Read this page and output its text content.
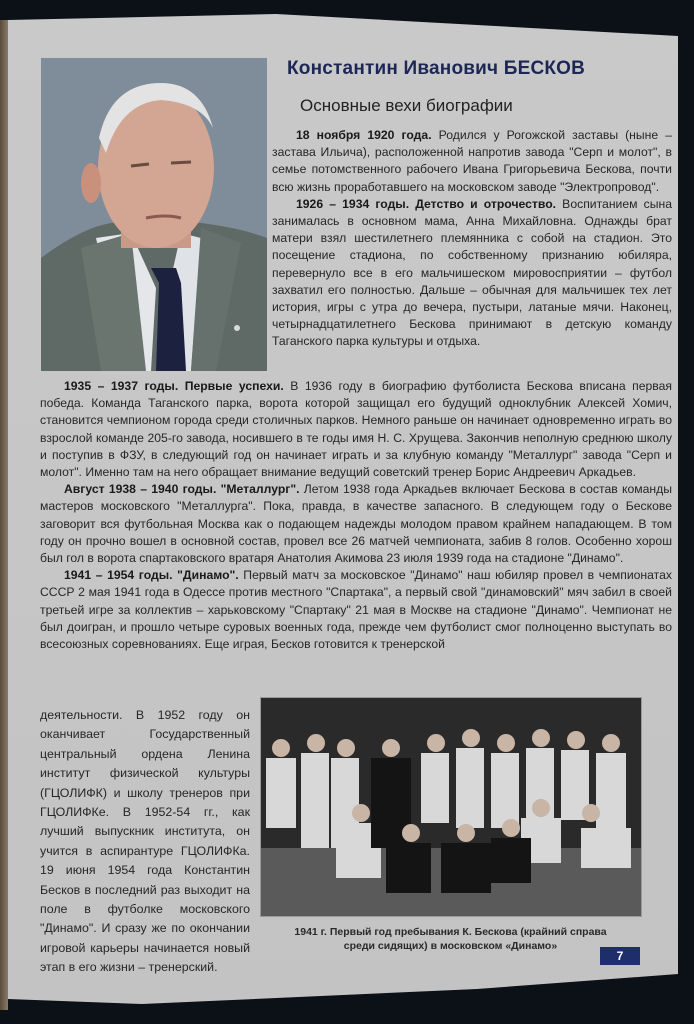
Константин Иванович БЕСКОВ
Основные вехи биографии

18 ноября 1920 года. Родился у Рогожской заставы (ныне – застава Ильича), расположенной напротив завода "Серп и молот", в семье потомственного рабочего Ивана Григорьевича Бескова, почти всю жизнь проработавшего на московском заводе "Электропровод".

1926 – 1934 годы. Детство и отрочество. Воспитанием сына занималась в основном мама, Анна Михайловна. Однажды брат матери взял шестилетнего племянника с собой на стадион. Это посещение стадиона, по собственному признанию юбиляра, перевернуло все в его мальчишеском мировосприятии – футбол захватил его полностью. Дальше – обычная для мальчишек тех лет история, игры с утра до вечера, пустыри, латаные мячи. Наконец, четырнадцатилетнего Бескова принимают в детскую команду Таганского парка культуры и отдыха.

1935 – 1937 годы. Первые успехи. В 1936 году в биографию футболиста Бескова вписана первая победа. Команда Таганского парка, ворота которой защищал его будущий одноклубник Алексей Хомич, становится чемпионом города среди столичных парков. Немного раньше он начинает одновременно играть во взрослой команде 205-го завода, носившего в те годы имя Н. С. Хрущева. Закончив неполную среднюю школу и поступив в ФЗУ, в следующий год он начинает играть и за клубную команду "Металлург" завода "Серп и молот". Именно там на него обращает внимание ведущий советский тренер Борис Андреевич Аркадьев.

Август 1938 – 1940 годы. "Металлург". Летом 1938 года Аркадьев включает Бескова в состав команды мастеров московского "Металлурга". Пока, правда, в качестве запасного. В следующем году о Бескове заговорит вся футбольная Москва как о подающем надежды молодом правом крайнем нападающем. В том году он прочно вошел в основной состав, провел все 26 матчей чемпионата, забив 8 голов. Особенно хорош был гол в ворота спартаковского вратаря Анатолия Акимова 23 июля 1939 года на стадионе "Динамо".

1941 – 1954 годы. "Динамо". Первый матч за московское "Динамо" наш юбиляр провел в чемпионатах СССР 2 мая 1941 года в Одессе против местного "Спартака", а первый свой "динамовский" мяч забил в своей третьей игре за коллектив – харьковскому "Спартаку" 21 мая в Москве на стадионе "Динамо". Чемпионат не был доигран, и прошло четыре суровых военных года, прежде чем футболист смог полноценно выступать во всесоюзных соревнованиях. Еще играя, Бесков готовится к тренерской

деятельности. В 1952 году он оканчивает Государственный центральный ордена Ленина институт физической культуры (ГЦОЛИФК) и школу тренеров при ГЦОЛИФКе. В 1952-54 гг., как лучший выпускник института, он учится в аспирантуре ГЦОЛИФКа. 19 июня 1954 года Константин Бесков в последний раз выходит на поле в футболке московского "Динамо". И сразу же по окончании игровой карьеры начинается новый этап в его жизни – тренерский.

1941 г. Первый год пребывания К. Бескова (крайний справа среди сидящих) в московском «Динамо»
7
